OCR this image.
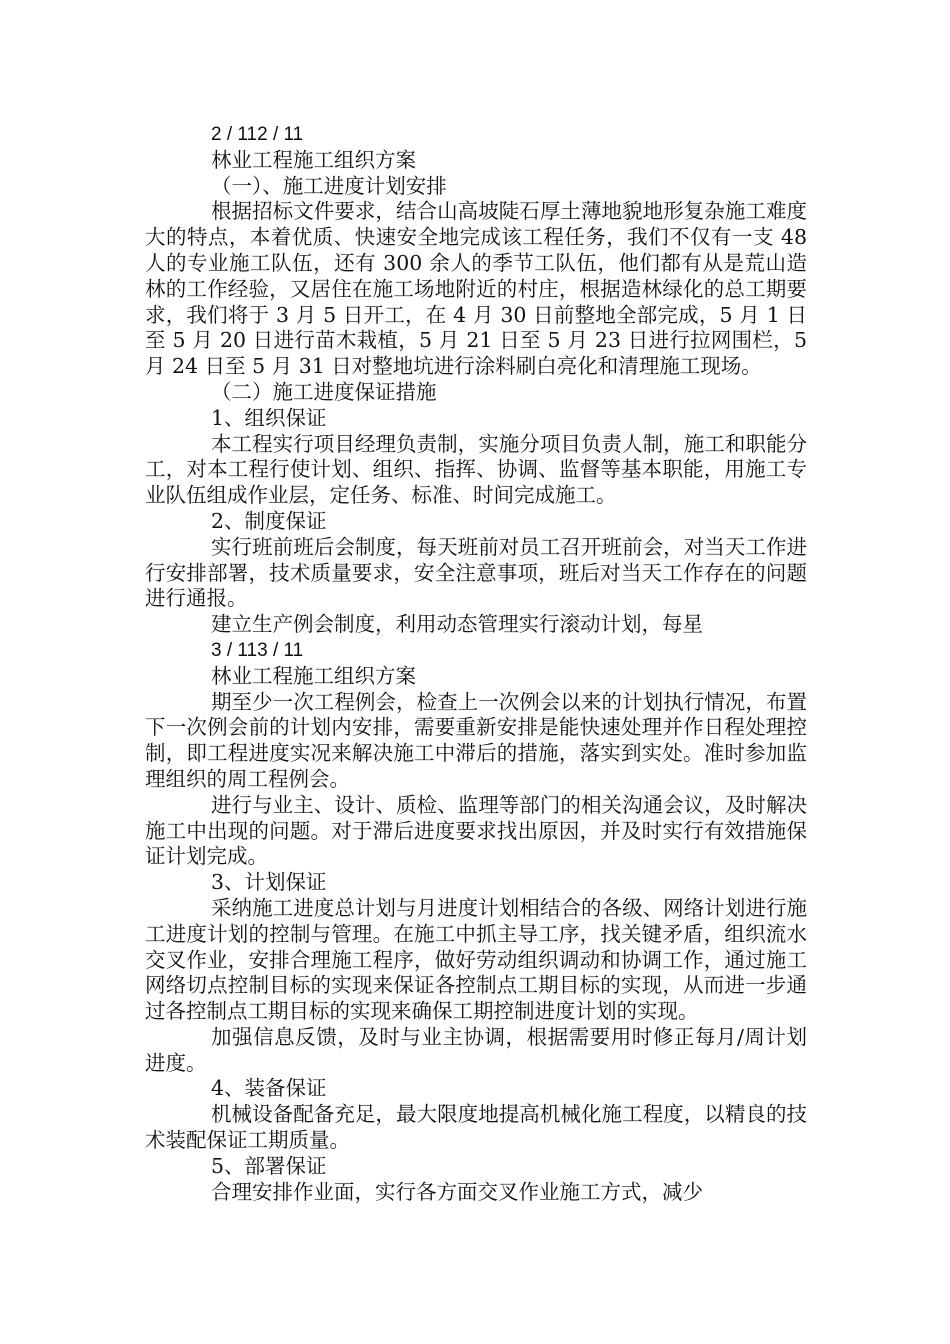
2 / 112 / 11

林业工程施工组织方案

（一）、施工进度计划安排

根据招标文件要求，结合山高坡陡石厚土薄地貌地形复杂施工难度大的特点，本着优质、快速安全地完成该工程任务，我们不仅有一支 48 人的专业施工队伍，还有 300 余人的季节工队伍，他们都有从是荒山造林的工作经验，又居住在施工场地附近的村庄，根据造林绿化的总工期要求，我们将于 3 月 5 日开工，在 4 月 30 日前整地全部完成，5 月 1 日至 5 月 20 日进行苗木栽植，5 月 21 日至 5 月 23 日进行拉网围栏，5 月 24 日至 5 月 31 日对整地坑进行涂料刷白亮化和清理施工现场。

（二）施工进度保证措施

1、组织保证

本工程实行项目经理负责制，实施分项目负责人制，施工和职能分工，对本工程行使计划、组织、指挥、协调、监督等基本职能，用施工专业队伍组成作业层，定任务、标准、时间完成施工。

2、制度保证

实行班前班后会制度，每天班前对员工召开班前会，对当天工作进行安排部署，技术质量要求，安全注意事项，班后对当天工作存在的问题进行通报。

建立生产例会制度，利用动态管理实行滚动计划，每星

3 / 113 / 11

林业工程施工组织方案

期至少一次工程例会，检查上一次例会以来的计划执行情况，布置下一次例会前的计划内安排，需要重新安排是能快速处理并作日程处理控制，即工程进度实况来解决施工中滞后的措施，落实到实处。准时参加监理组织的周工程例会。

进行与业主、设计、质检、监理等部门的相关沟通会议，及时解决施工中出现的问题。对于滞后进度要求找出原因，并及时实行有效措施保证计划完成。

3、计划保证

采纳施工进度总计划与月进度计划相结合的各级、网络计划进行施工进度计划的控制与管理。在施工中抓主导工序，找关键矛盾，组织流水交叉作业，安排合理施工程序，做好劳动组织调动和协调工作，通过施工网络切点控制目标的实现来保证各控制点工期目标的实现，从而进一步通过各控制点工期目标的实现来确保工期控制进度计划的实现。

加强信息反馈，及时与业主协调，根据需要用时修正每月/周计划进度。

4、装备保证

机械设备配备充足，最大限度地提高机械化施工程度，以精良的技术装配保证工期质量。

5、部署保证

合理安排作业面，实行各方面交叉作业施工方式，减少
